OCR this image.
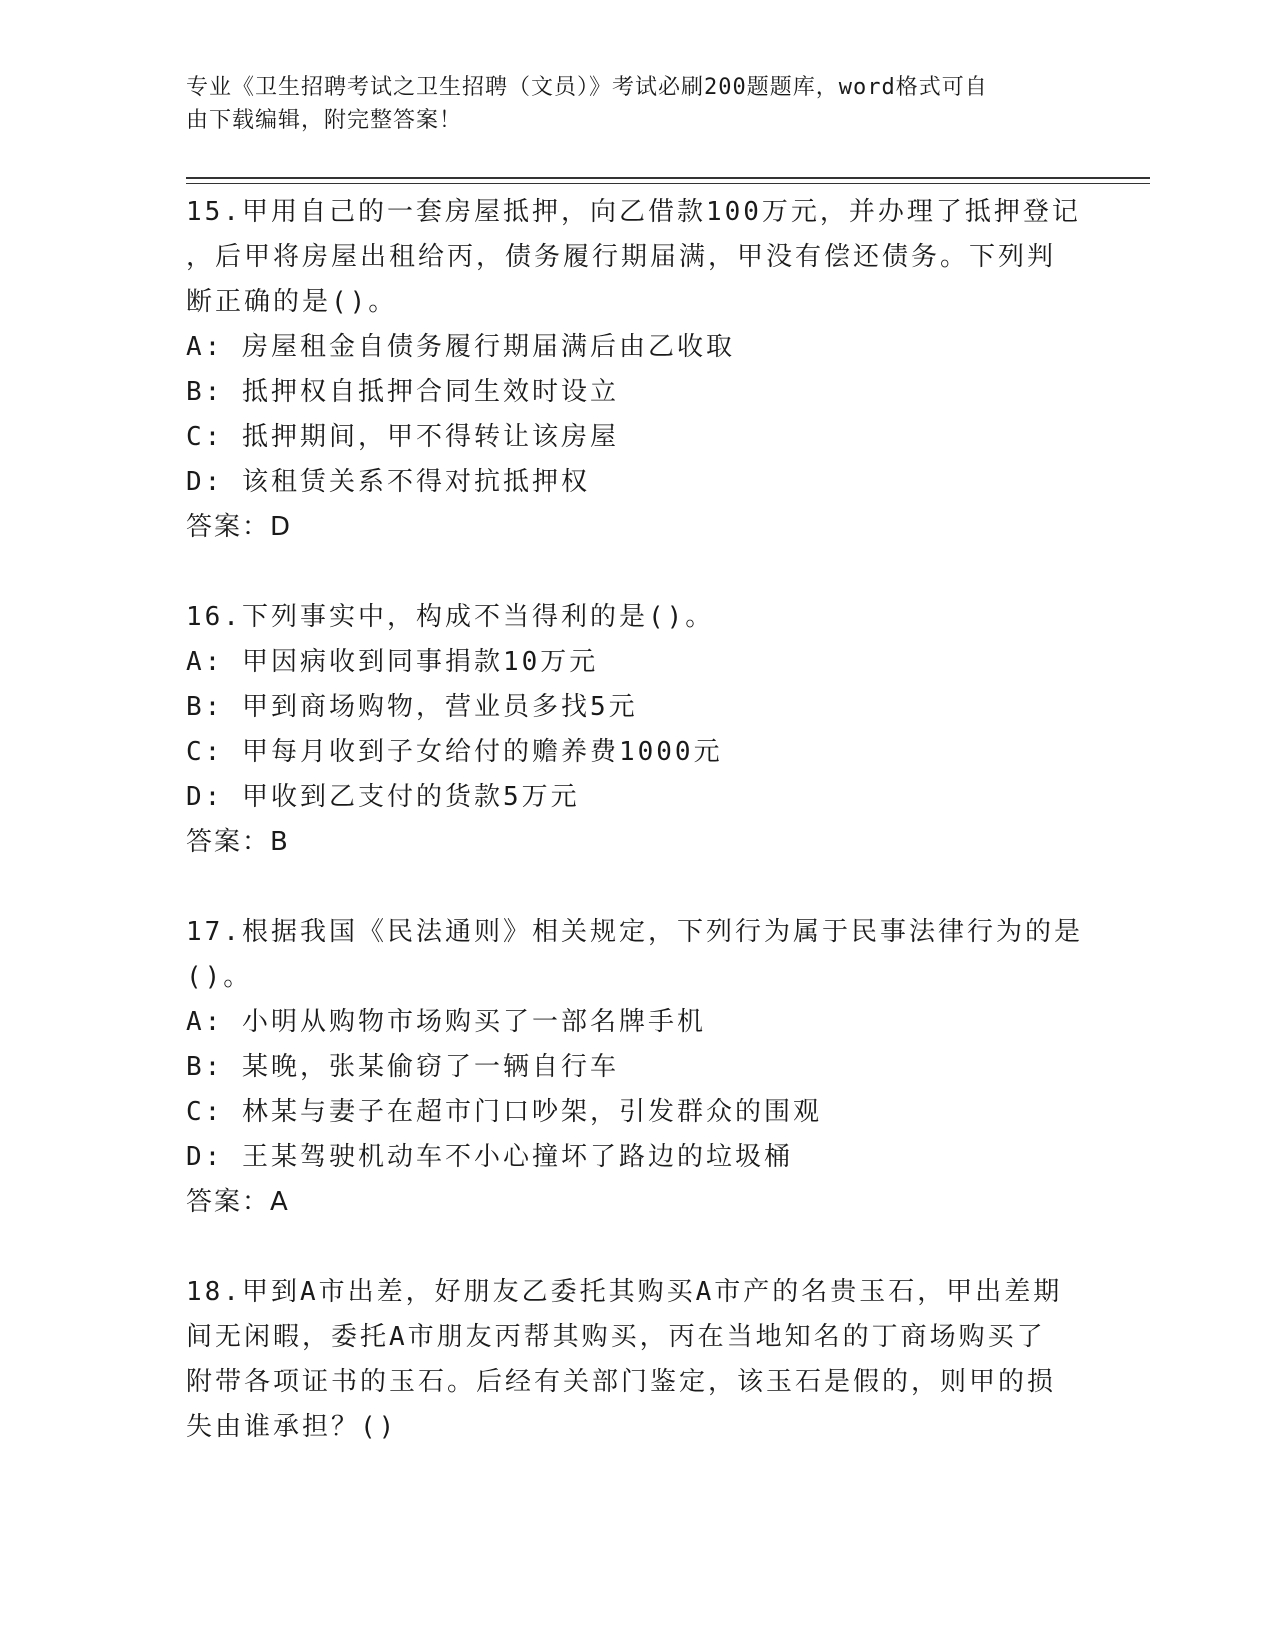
专业《卫生招聘考试之卫生招聘（文员）》考试必刷200题题库，word格式可自
由下载编辑，附完整答案！

15.甲用自己的一套房屋抵押，向乙借款100万元，并办理了抵押登记

，后甲将房屋出租给丙，债务履行期届满，甲没有偿还债务。下列判

断正确的是()。

A: 房屋租金自债务履行期届满后由乙收取

B: 抵押权自抵押合同生效时设立

C: 抵押期间，甲不得转让该房屋

D: 该租赁关系不得对抗抵押权

答案：D

16.下列事实中，构成不当得利的是()。

A: 甲因病收到同事捐款10万元

B: 甲到商场购物，营业员多找5元

C: 甲每月收到子女给付的赡养费1000元

D: 甲收到乙支付的货款5万元

答案：B

17.根据我国《民法通则》相关规定，下列行为属于民事法律行为的是

()。

A: 小明从购物市场购买了一部名牌手机

B: 某晚，张某偷窃了一辆自行车

C: 林某与妻子在超市门口吵架，引发群众的围观

D: 王某驾驶机动车不小心撞坏了路边的垃圾桶

答案：A

18.甲到A市出差，好朋友乙委托其购买A市产的名贵玉石，甲出差期

间无闲暇，委托A市朋友丙帮其购买，丙在当地知名的丁商场购买了

附带各项证书的玉石。后经有关部门鉴定，该玉石是假的，则甲的损

失由谁承担？()
